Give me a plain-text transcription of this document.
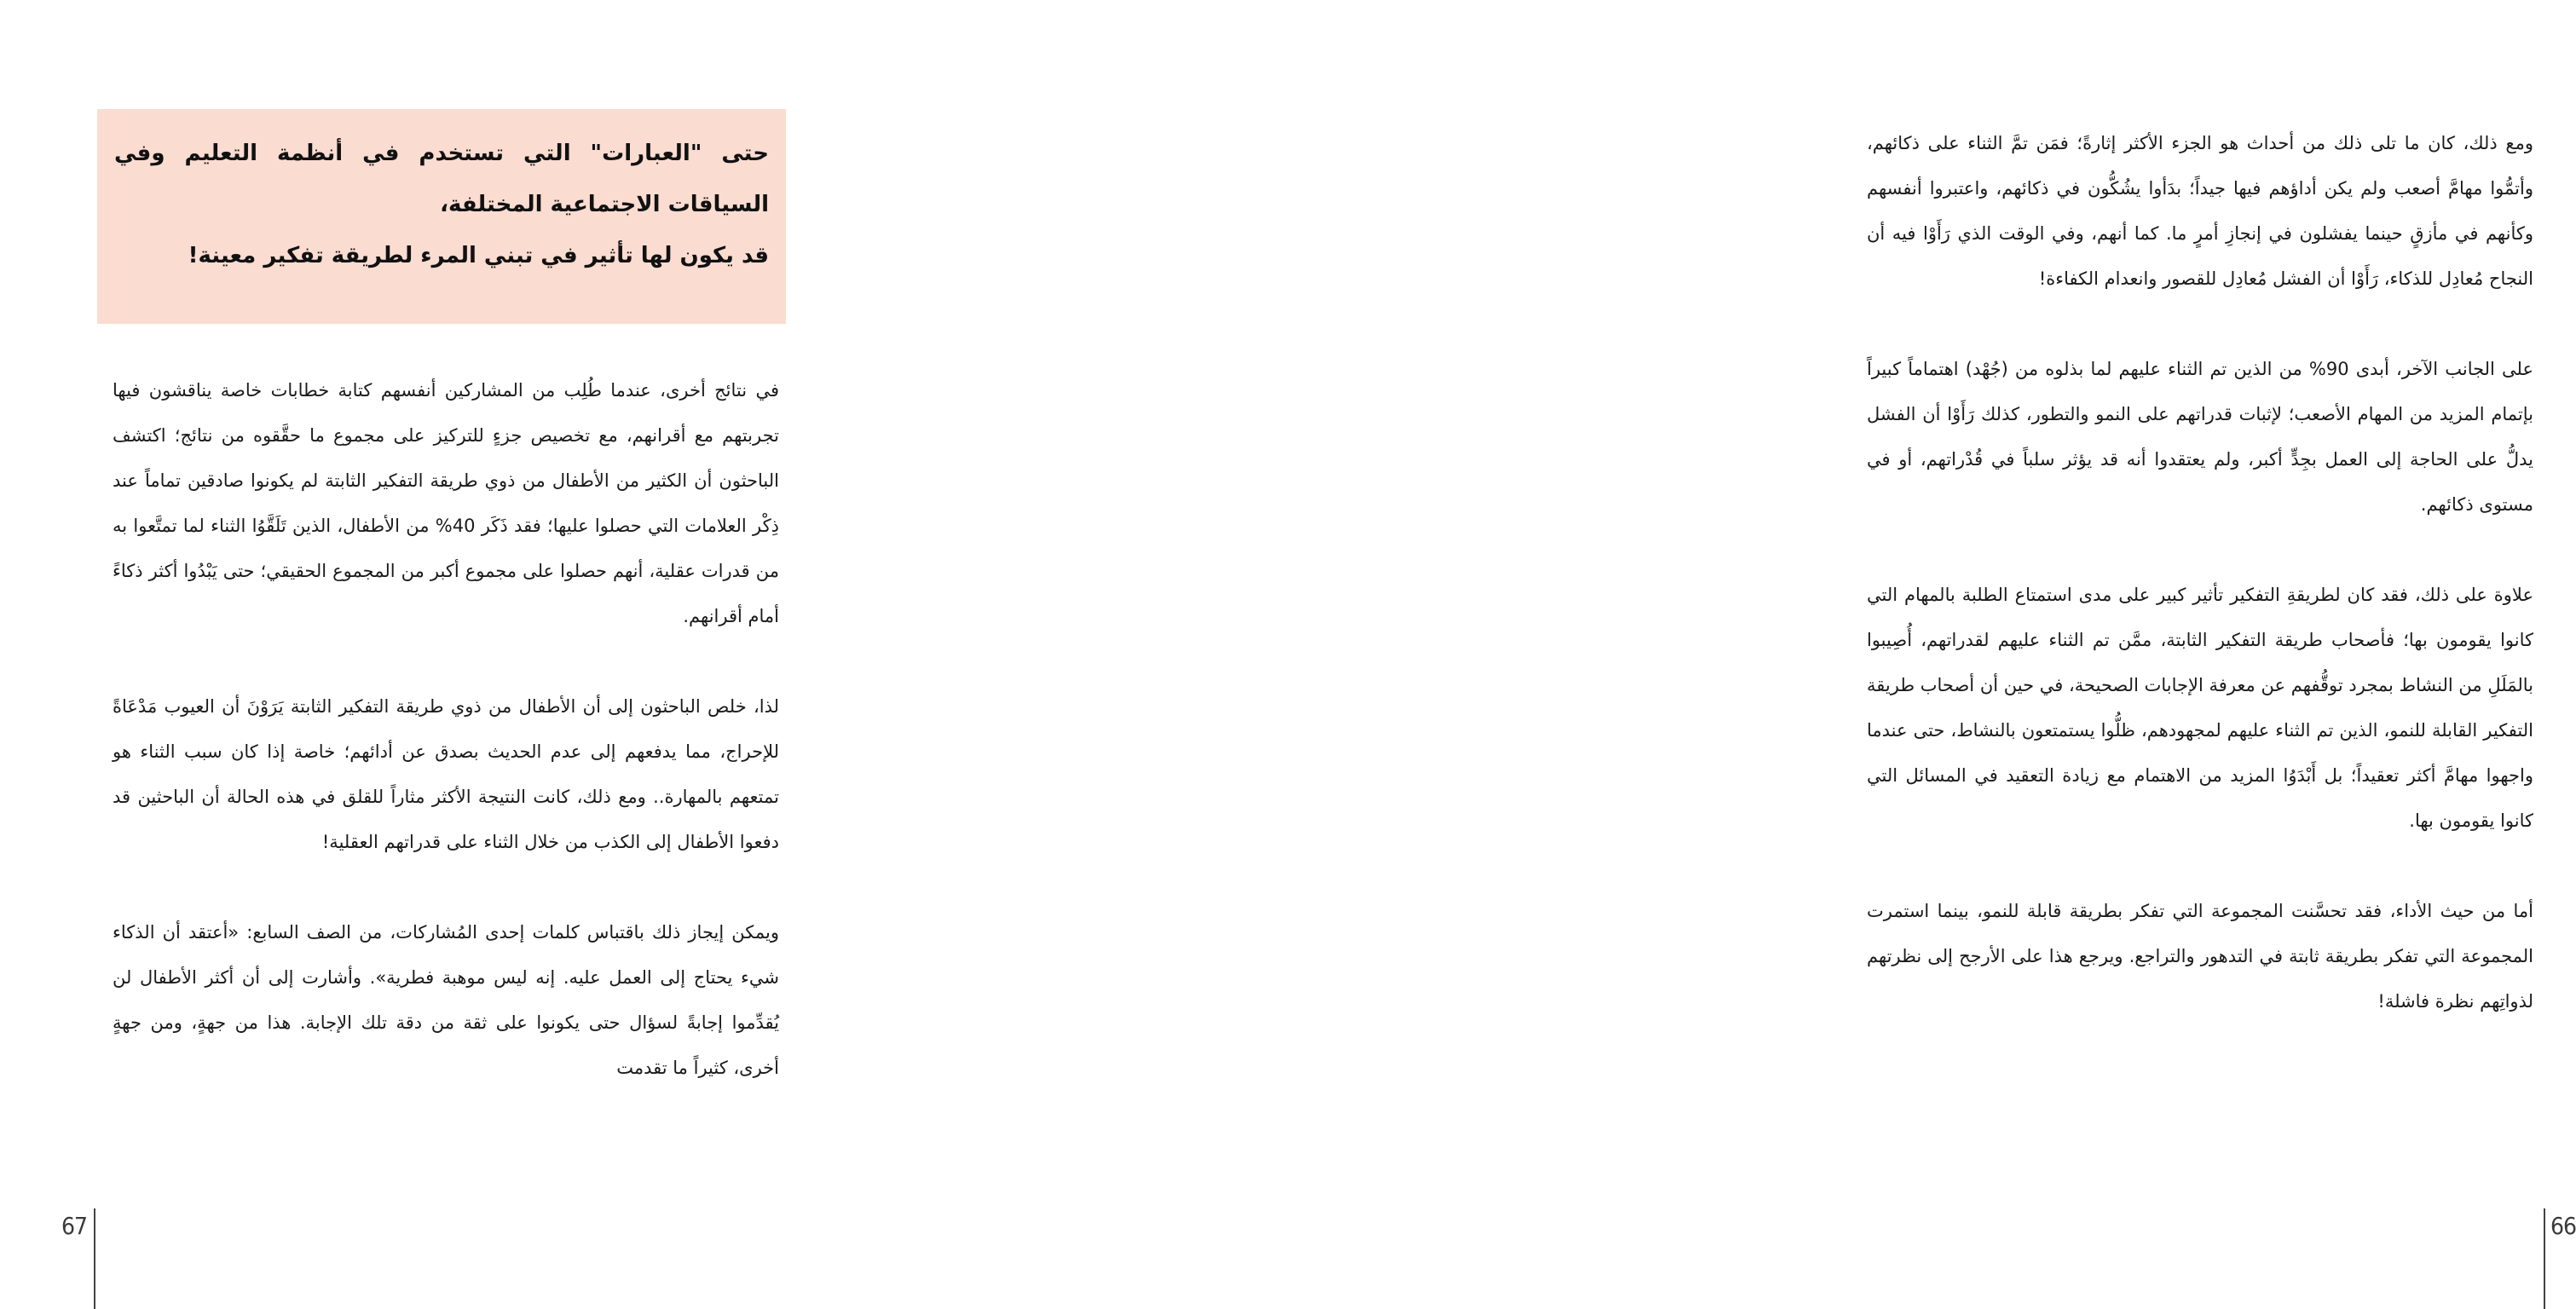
حتى "العبارات" التي تستخدم في أنظمة التعليم وفي السياقات الاجتماعية المختلفة،

قد يكون لها تأثير في تبني المرء لطريقة تفكير معينة!

في نتائج أخرى، عندما طُلِب من المشاركين أنفسهم كتابة خطابات خاصة يناقشون فيها تجربتهم مع أقرانهم، مع تخصيص جزءٍ للتركيز على مجموع ما حقَّقوه من نتائج؛ اكتشف الباحثون أن الكثير من الأطفال من ذوي طريقة التفكير الثابتة لم يكونوا صادقين تماماً عند ذِكْر العلامات التي حصلوا عليها؛ فقد ذَكَر 40% من الأطفال، الذين تَلَقَّوُا الثناء لما تمتَّعوا به من قدرات عقلية، أنهم حصلوا على مجموع أكبر من المجموع الحقيقي؛ حتى يَبْدُوا أكثر ذكاءً أمام أقرانهم.

لذا، خلص الباحثون إلى أن الأطفال من ذوي طريقة التفكير الثابتة يَرَوْنَ أن العيوب مَدْعَاةً للإحراج، مما يدفعهم إلى عدم الحديث بصدق عن أدائهم؛ خاصة إذا كان سبب الثناء هو تمتعهم بالمهارة.. ومع ذلك، كانت النتيجة الأكثر مثاراً للقلق في هذه الحالة أن الباحثين قد دفعوا الأطفال إلى الكذب من خلال الثناء على قدراتهم العقلية!

ويمكن إيجاز ذلك باقتباس كلمات إحدى المُشاركات، من الصف السابع: «أعتقد أن الذكاء شيء يحتاج إلى العمل عليه. إنه ليس موهبة فطرية». وأشارت إلى أن أكثر الأطفال لن يُقدِّموا إجابةً لسؤال حتى يكونوا على ثقة من دقة تلك الإجابة. هذا من جهةٍ، ومن جهةٍ أخرى، كثيراً ما تقدمت

67

ومع ذلك، كان ما تلى ذلك من أحداث هو الجزء الأكثر إثارةً؛ فمَن تمَّ الثناء على ذكائهم، وأتمُّوا مهامَّ أصعب ولم يكن أداؤهم فيها جيداً؛ بدَأوا يشُكُّون في ذكائهم، واعتبروا أنفسهم وكأنهم في مأزقٍ حينما يفشلون في إنجازِ أمرٍ ما. كما أنهم، وفي الوقت الذي رَأَوْا فيه أن النجاح مُعادِل للذكاء، رَأَوْا أن الفشل مُعادِل للقصور وانعدام الكفاءة!

على الجانب الآخر، أبدى 90% من الذين تم الثناء عليهم لما بذلوه من (جُهْد) اهتماماً كبيراً بإتمام المزيد من المهام الأصعب؛ لإثبات قدراتهم على النمو والتطور، كذلك رَأَوْا أن الفشل يدلُّ على الحاجة إلى العمل بجِدٍّ أكبر، ولم يعتقدوا أنه قد يؤثر سلباً في قُدْراتهم، أو في مستوى ذكائهم.

علاوة على ذلك، فقد كان لطريقةِ التفكير تأثير كبير على مدى استمتاع الطلبة بالمهام التي كانوا يقومون بها؛ فأصحاب طريقة التفكير الثابتة، ممَّن تم الثناء عليهم لقدراتهم، أُصِيبوا بالمَلَلِ من النشاط بمجرد توقُّفهم عن معرفة الإجابات الصحيحة، في حين أن أصحاب طريقة التفكير القابلة للنمو، الذين تم الثناء عليهم لمجهودهم، ظلُّوا يستمتعون بالنشاط، حتى عندما واجهوا مهامَّ أكثر تعقيداً؛ بل أَبْدَوُا المزيد من الاهتمام مع زيادة التعقيد في المسائل التي كانوا يقومون بها.

أما من حيث الأداء، فقد تحسَّنت المجموعة التي تفكر بطريقة قابلة للنمو، بينما استمرت المجموعة التي تفكر بطريقة ثابتة في التدهور والتراجع. ويرجع هذا على الأرجح إلى نظرتهم لذواتِهم نظرة فاشلة!

66
